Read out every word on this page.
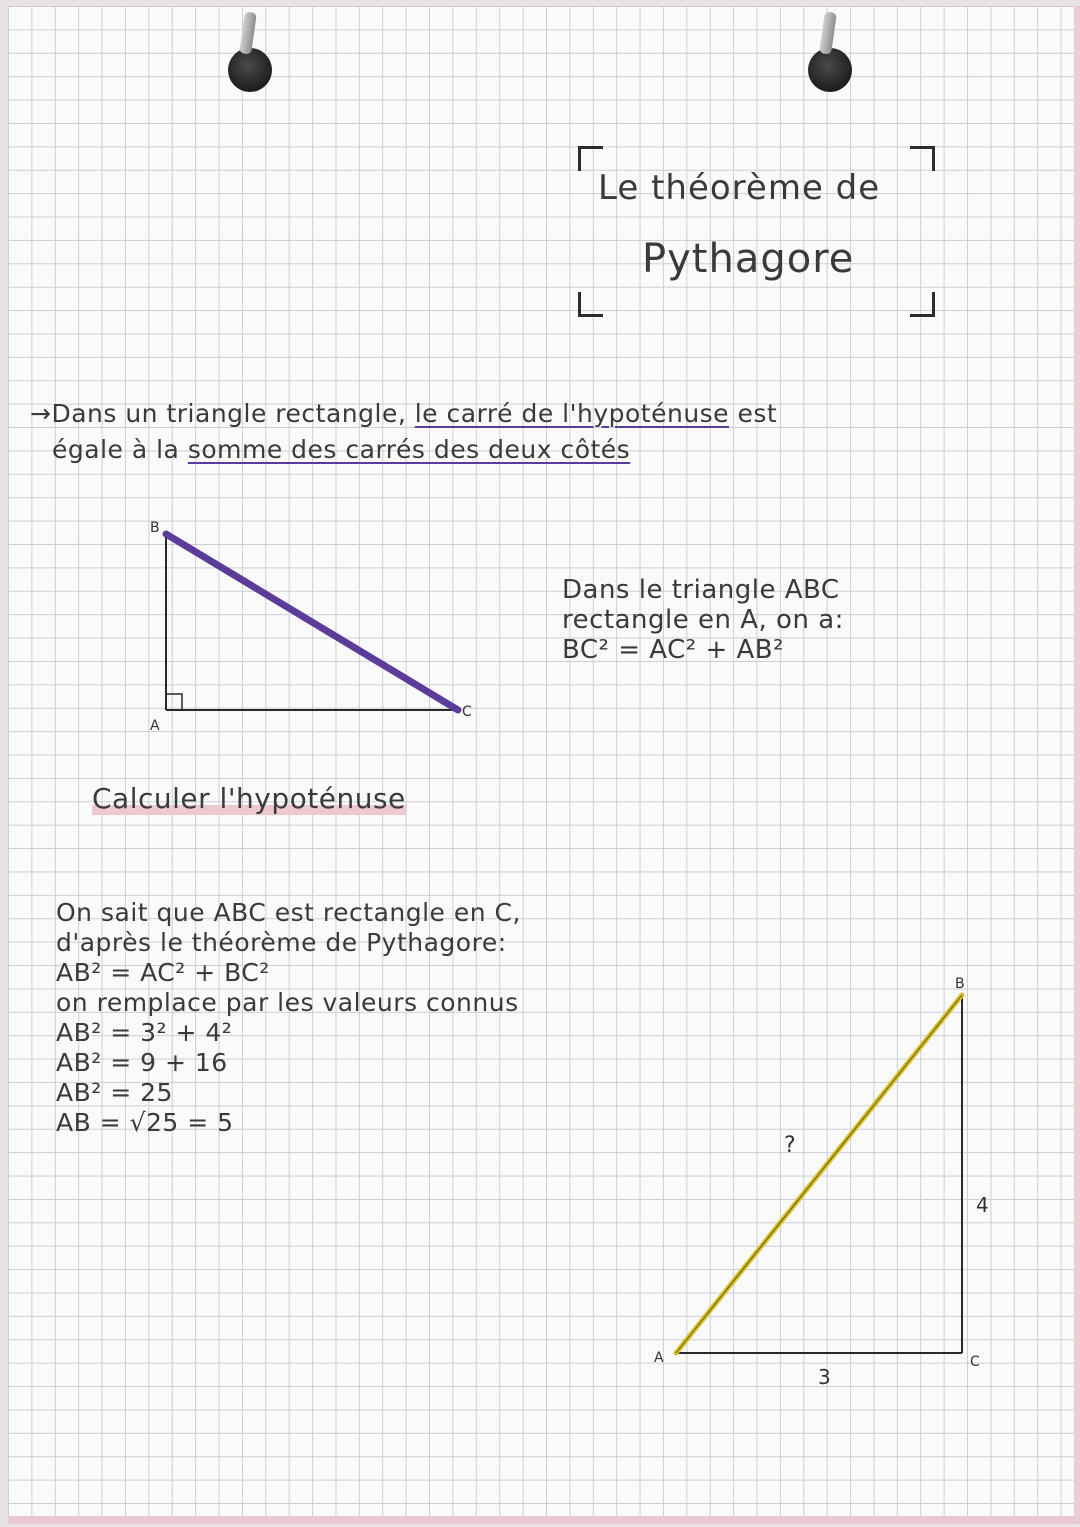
Le théorème de
Pythagore
→Dans un triangle rectangle, le carré de l'hypoténuse est
égale à la somme des carrés des deux côtés
B
A
C
B
A	C
4
3
?
Dans le triangle ABC
rectangle en A, on a:
BC² = AC² + AB²
Calculer l'hypoténuse
On sait que ABC est rectangle en C,
d'après le théorème de Pythagore:
AB² = AC² + BC²
on remplace par les valeurs connus
AB² = 3² + 4²
AB² = 9 + 16
AB² = 25
AB = √25 = 5
